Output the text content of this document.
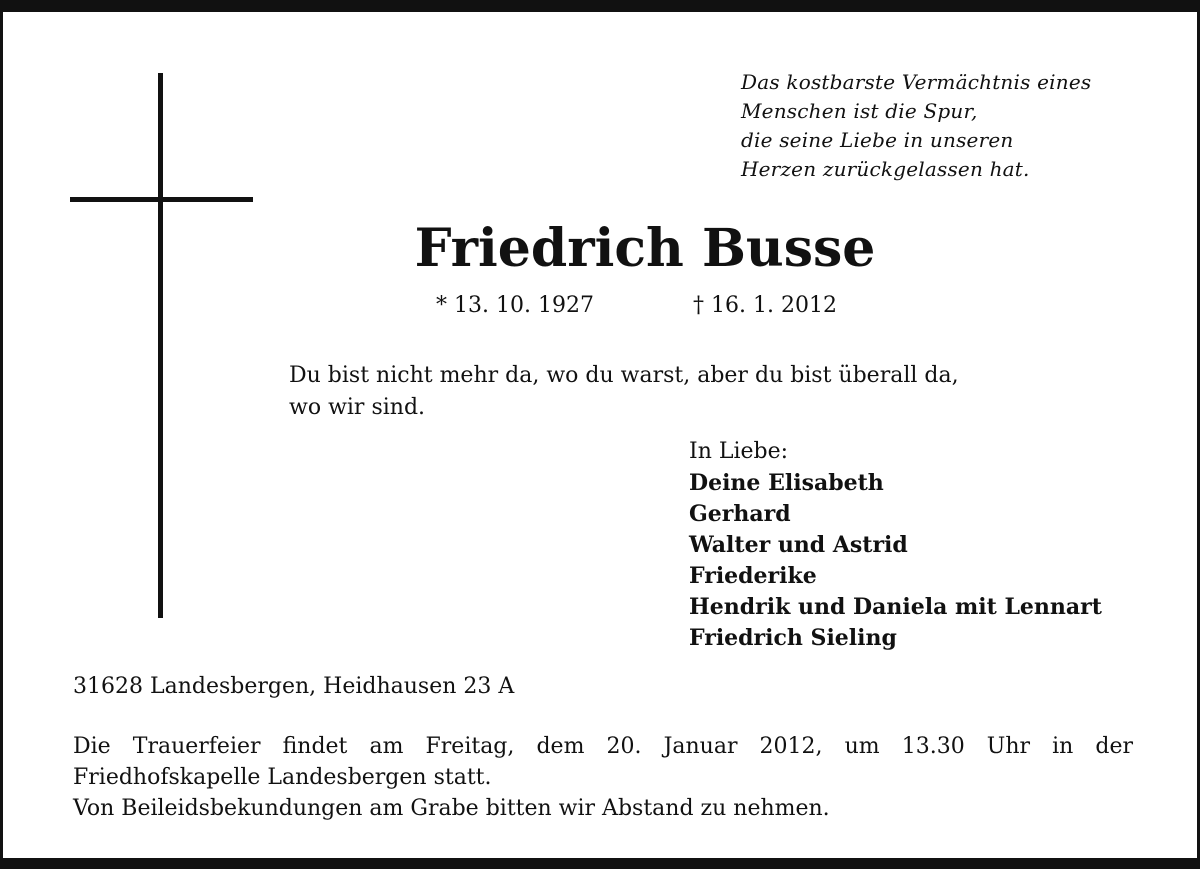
Das kostbarste Vermächtnis eines
Menschen ist die Spur,
die seine Liebe in unseren
Herzen zurückgelassen hat.
Friedrich Busse
* 13. 10. 1927	† 16. 1. 2012
Du bist nicht mehr da, wo du warst, aber du bist überall da,
wo wir sind.
In Liebe:
Deine Elisabeth
Gerhard
Walter und Astrid
Friederike
Hendrik und Daniela mit Lennart
Friedrich Sieling
31628 Landesbergen, Heidhausen 23 A
Die Trauerfeier findet am Freitag, dem 20. Januar 2012, um 13.30 Uhr in der
Friedhofskapelle Landesbergen statt.
Von Beileidsbekundungen am Grabe bitten wir Abstand zu nehmen.
